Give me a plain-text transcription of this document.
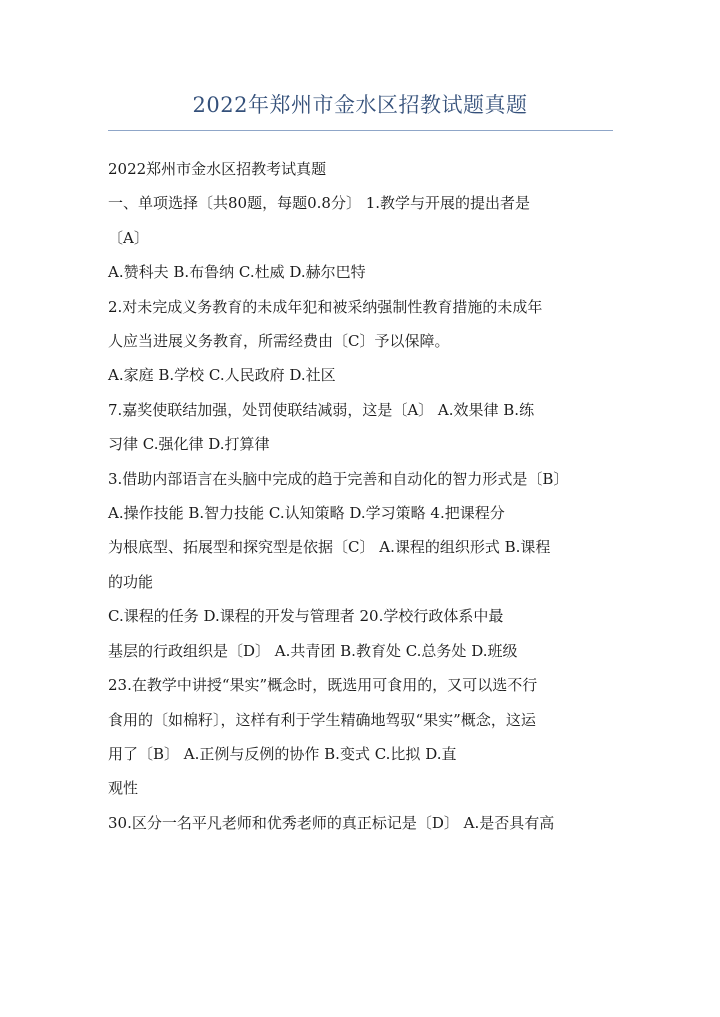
2022年郑州市金水区招教试题真题

2022郑州市金水区招教考试真题

一、单项选择〔共80题，每题0.8分〕 1.教学与开展的提出者是

〔A〕

A.赞科夫 B.布鲁纳 C.杜威 D.赫尔巴特

2.对未完成义务教育的未成年犯和被采纳强制性教育措施的未成年

人应当进展义务教育，所需经费由〔C〕予以保障。

A.家庭 B.学校 C.人民政府 D.社区

7.嘉奖使联结加强，处罚使联结减弱，这是〔A〕 A.效果律 B.练

习律 C.强化律 D.打算律

3.借助内部语言在头脑中完成的趋于完善和自动化的智力形式是〔B〕

A.操作技能 B.智力技能 C.认知策略 D.学习策略 4.把课程分

为根底型、拓展型和探究型是依据〔C〕 A.课程的组织形式 B.课程

的功能

C.课程的任务 D.课程的开发与管理者 20.学校行政体系中最

基层的行政组织是〔D〕 A.共青团 B.教育处 C.总务处 D.班级

23.在教学中讲授“果实”概念时，既选用可食用的，又可以选不行

食用的〔如棉籽〕，这样有利于学生精确地驾驭“果实”概念，这运

用了〔B〕 A.正例与反例的协作 B.变式 C.比拟 D.直

观性

30.区分一名平凡老师和优秀老师的真正标记是〔D〕 A.是否具有高
